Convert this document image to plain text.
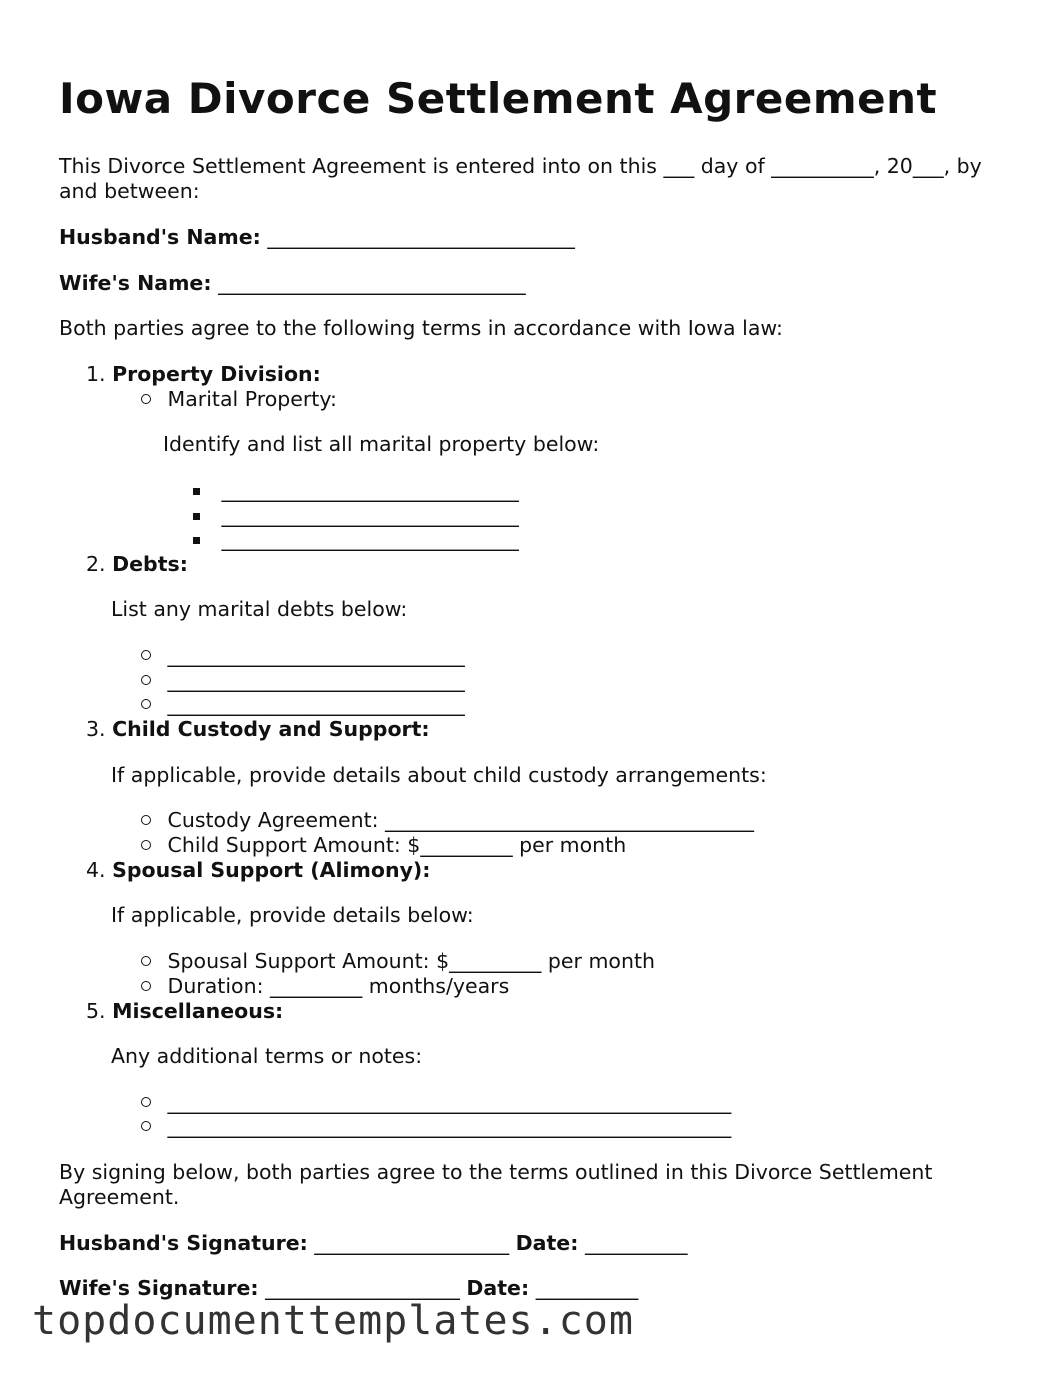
Iowa Divorce Settlement Agreement

This Divorce Settlement Agreement is entered into on this ___ day of __________, 20___, by and between:

Husband's Name: ______________________________

Wife's Name: ______________________________

Both parties agree to the following terms in accordance with Iowa law:

1. Property Division:
Marital Property:

Identify and list all marital property below:

_____________________________
_____________________________
_____________________________
2. Debts:

List any marital debts below:

_____________________________
_____________________________
_____________________________
3. Child Custody and Support:

If applicable, provide details about child custody arrangements:

Custody Agreement: ____________________________________
Child Support Amount: $_________ per month
4. Spousal Support (Alimony):

If applicable, provide details below:

Spousal Support Amount: $_________ per month
Duration: _________ months/years
5. Miscellaneous:

Any additional terms or notes:

_______________________________________________________
_______________________________________________________

By signing below, both parties agree to the terms outlined in this Divorce Settlement Agreement.

Husband's Signature: ___________________ Date: __________

Wife's Signature: ___________________ Date: __________

topdocumenttemplates.com
